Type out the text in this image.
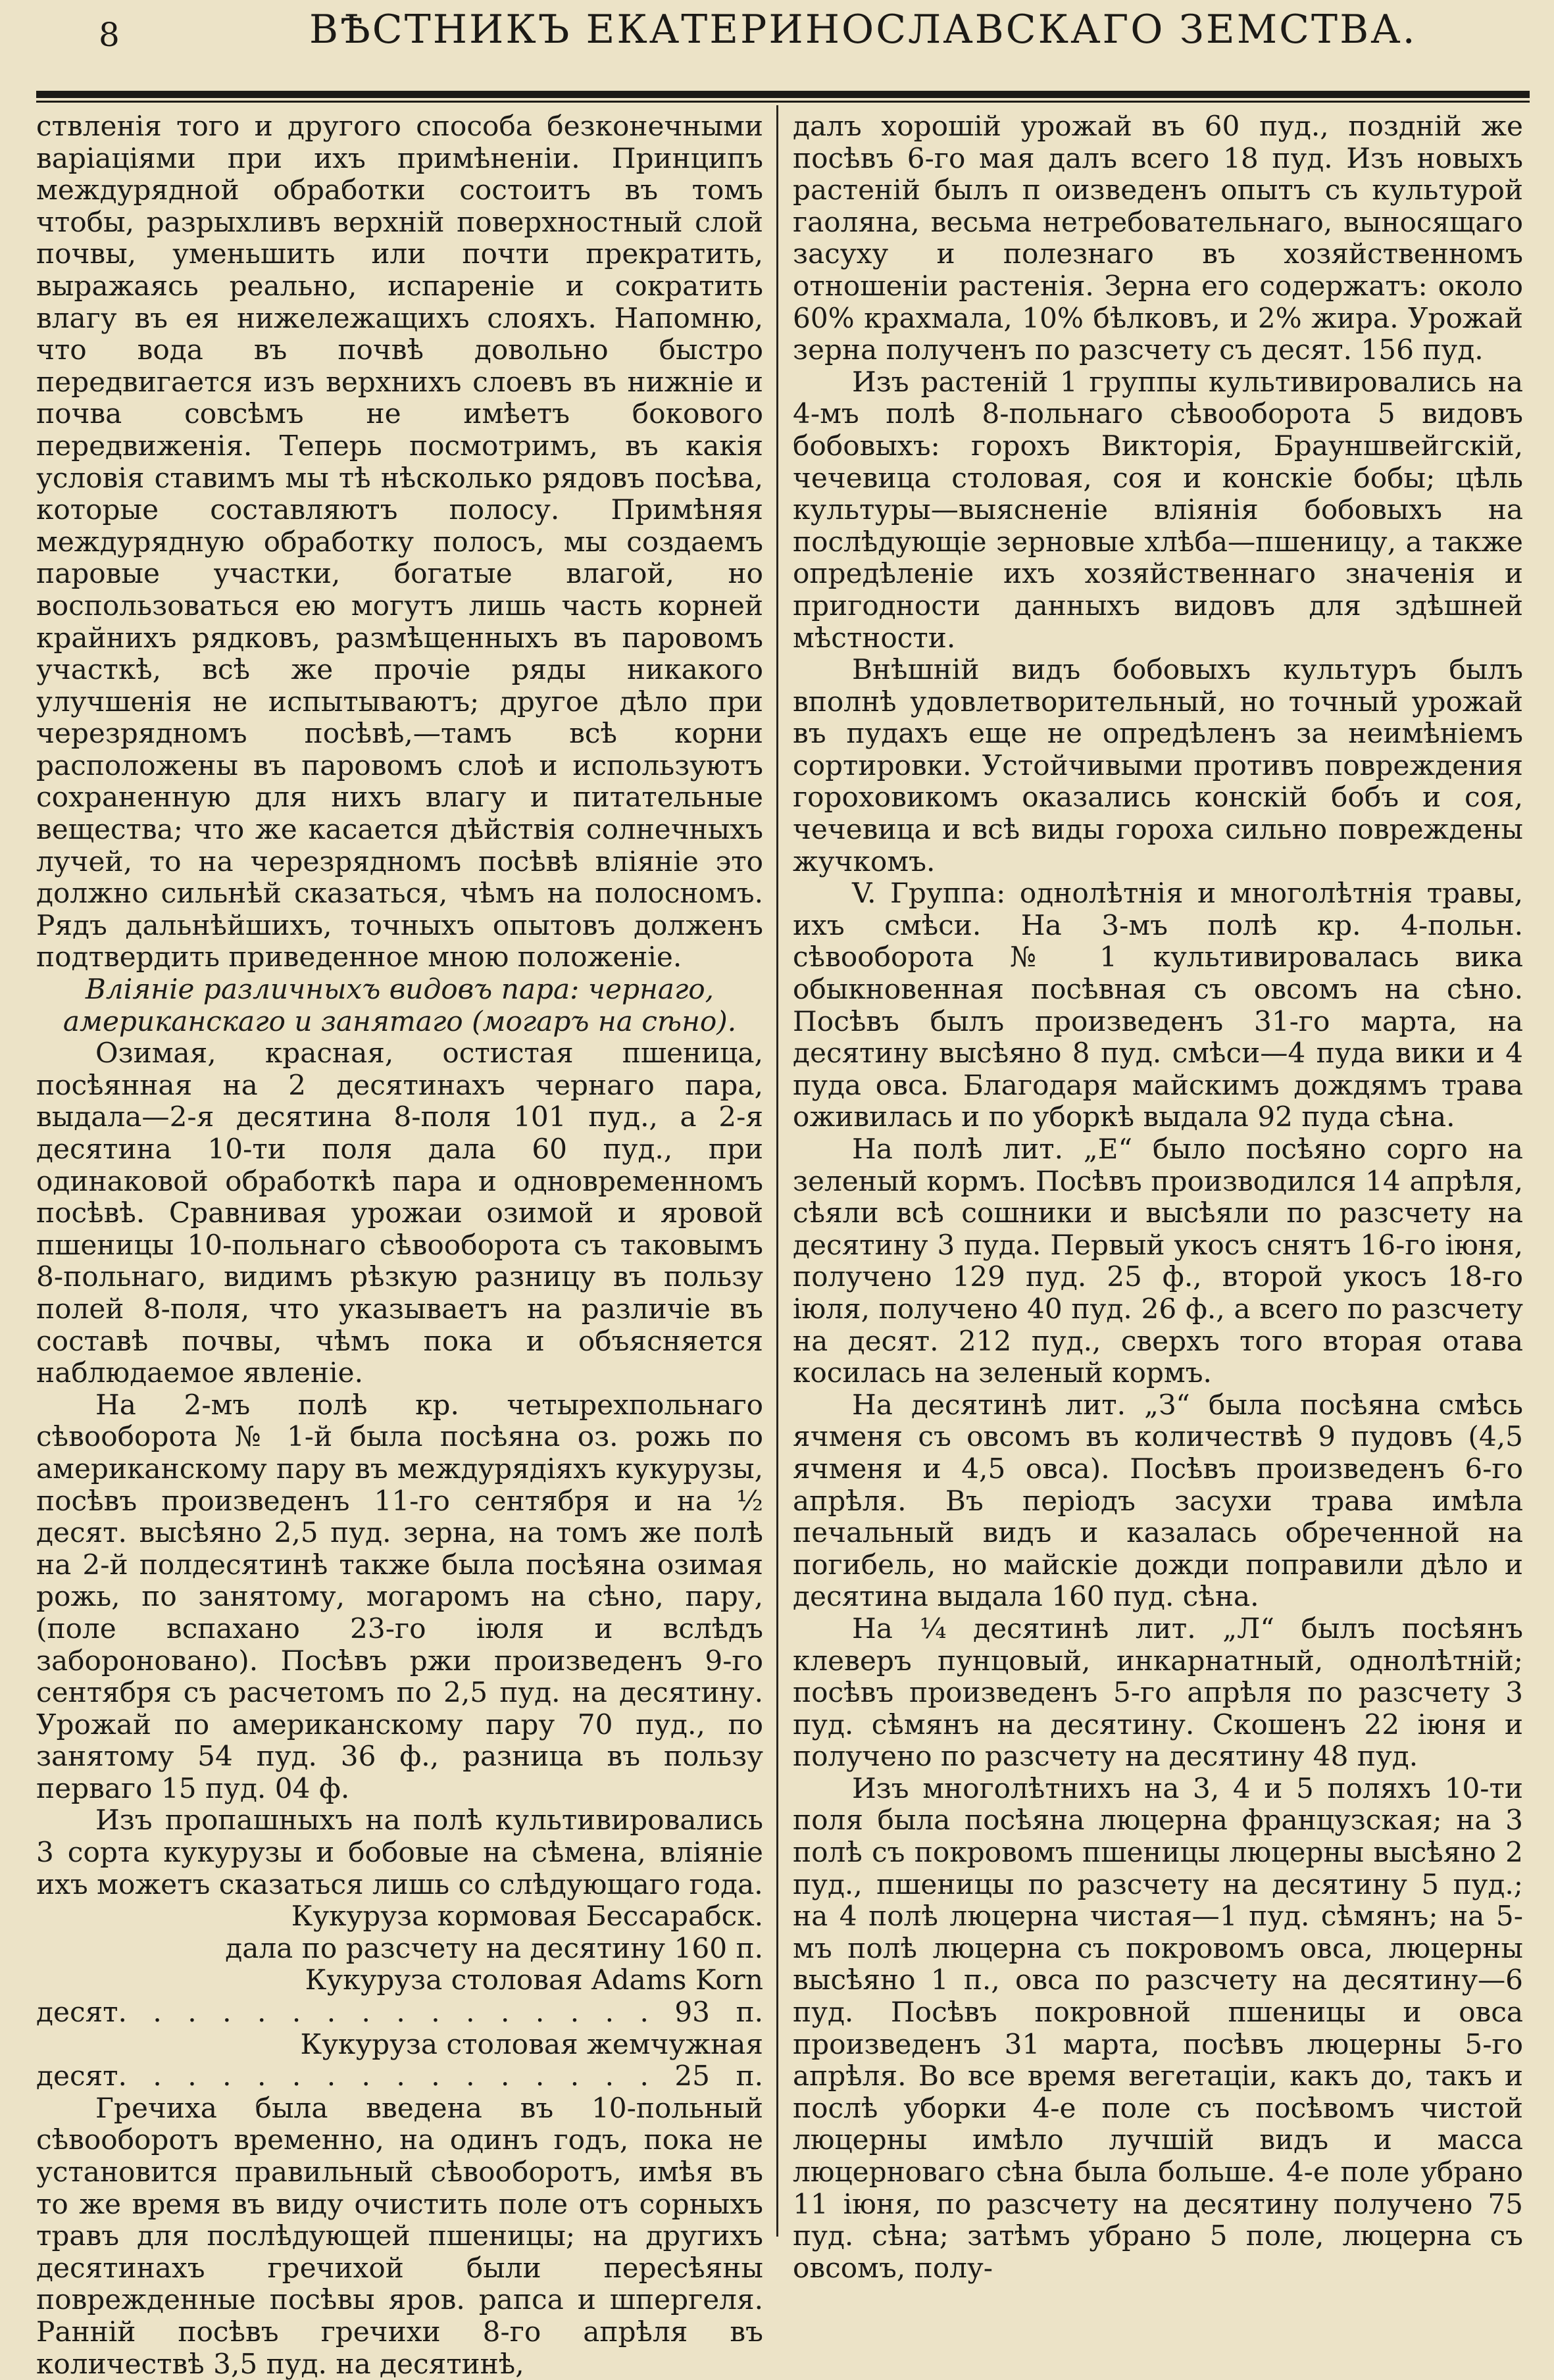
8	ВѢСТНИКЪ ЕКАТЕРИНОСЛАВСКАГО ЗЕМСТВА.

ствленія того и другого способа безконечными варіаціями при ихъ примѣненіи. Принципъ междурядной обработки состоитъ въ томъ чтобы, разрыхливъ верхній поверхностный слой почвы, уменьшить или почти прекратить, выражаясь реально, испареніе и сократить влагу въ ея нижележащихъ слояхъ. Напомню, что вода въ почвѣ довольно быстро передвигается изъ верхнихъ слоевъ въ нижніе и почва совсѣмъ не имѣетъ бокового передвиженія. Теперь посмотримъ, въ какія условія ставимъ мы тѣ нѣсколько рядовъ посѣва, которые составляютъ полосу. Примѣняя междурядную обработку полосъ, мы создаемъ паровые участки, богатые влагой, но воспользоваться ею могутъ лишь часть корней крайнихъ рядковъ, размѣщенныхъ въ паровомъ участкѣ, всѣ же прочіе ряды никакого улучшенія не испытываютъ; другое дѣло при черезрядномъ посѣвѣ,—тамъ всѣ корни расположены въ паровомъ слоѣ и используютъ сохраненную для нихъ влагу и питательные вещества; что же касается дѣйствія солнечныхъ лучей, то на черезрядномъ посѣвѣ вліяніе это должно сильнѣй сказаться, чѣмъ на полосномъ. Рядъ дальнѣйшихъ, точныхъ опытовъ долженъ подтвердить приведенное мною положеніе.

Вліяніе различныхъ видовъ пара: чернаго, американскаго и занятаго (могаръ на сѣно).

Озимая, красная, остистая пшеница, посѣянная на 2 десятинахъ чернаго пара, выдала—2-я десятина 8-поля 101 пуд., а 2-я десятина 10-ти поля дала 60 пуд., при одинаковой обработкѣ пара и одновременномъ посѣвѣ. Сравнивая урожаи озимой и яровой пшеницы 10-польнаго сѣвооборота съ таковымъ 8-польнаго, видимъ рѣзкую разницу въ пользу полей 8-поля, что указываетъ на различіе въ составѣ почвы, чѣмъ пока и объясняется наблюдаемое явленіе.

На 2-мъ полѣ кр. четырехпольнаго сѣвооборота № 1-й была посѣяна оз. рожь по американскому пару въ междурядіяхъ кукурузы, посѣвъ произведенъ 11-го сентября и на ½ десят. высѣяно 2,5 пуд. зерна, на томъ же полѣ на 2-й полдесятинѣ также была посѣяна озимая рожь, по занятому, могаромъ на сѣно, пару, (поле вспахано 23-го іюля и вслѣдъ забороновано). Посѣвъ ржи произведенъ 9-го сентября съ расчетомъ по 2,5 пуд. на десятину. Урожай по американскому пару 70 пуд., по занятому 54 пуд. 36 ф., разница въ пользу перваго 15 пуд. 04 ф.

Изъ пропашныхъ на полѣ культивировались 3 сорта кукурузы и бобовые на сѣмена, вліяніе ихъ можетъ сказаться лишь со слѣдующаго года.

Кукуруза кормовая Бессарабск.

дала по разсчету на десятину 160 п.

Кукуруза столовая Adams Korn

десят. . . . . . . . . . . . . . . . 93 п.

Кукуруза столовая жемчужная

десят. . . . . . . . . . . . . . . . 25 п.

Гречиха была введена въ 10-польный сѣвооборотъ временно, на одинъ годъ, пока не установится правильный сѣвооборотъ, имѣя въ то же время въ виду очистить поле отъ сорныхъ травъ для послѣдующей пшеницы; на другихъ десятинахъ гречихой были пересѣяны поврежденные посѣвы яров. рапса и шпергеля. Ранній посѣвъ гречихи 8-го апрѣля въ количествѣ 3,5 пуд. на десятинѣ,

далъ хорошій урожай въ 60 пуд., поздній же посѣвъ 6-го мая далъ всего 18 пуд. Изъ новыхъ растеній былъ п оизведенъ опытъ съ культурой гаоляна, весьма нетребовательнаго, выносящаго засуху и полезнаго въ хозяйственномъ отношеніи растенія. Зерна его содержатъ: около 60% крахмала, 10% бѣлковъ, и 2% жира. Урожай зерна полученъ по разсчету съ десят. 156 пуд.

Изъ растеній 1 группы культивировались на 4-мъ полѣ 8-польнаго сѣвооборота 5 видовъ бобовыхъ: горохъ Викторія, Брауншвейгскій, чечевица столовая, соя и конскіе бобы; цѣль культуры—выясненіе вліянія бобовыхъ на послѣдующіе зерновые хлѣба—пшеницу, а также опредѣленіе ихъ хозяйственнаго значенія и пригодности данныхъ видовъ для здѣшней мѣстности.

Внѣшній видъ бобовыхъ культуръ былъ вполнѣ удовлетворительный, но точный урожай въ пудахъ еще не опредѣленъ за неимѣніемъ сортировки. Устойчивыми противъ повреждения гороховикомъ оказались конскій бобъ и соя, чечевица и всѣ виды гороха сильно повреждены жучкомъ.

V. Группа: однолѣтнія и многолѣтнія травы, ихъ смѣси. На 3-мъ полѣ кр. 4-польн. сѣвооборота № 1 культивировалась вика обыкновенная посѣвная съ овсомъ на сѣно. Посѣвъ былъ произведенъ 31-го марта, на десятину высѣяно 8 пуд. смѣси—4 пуда вики и 4 пуда овса. Благодаря майскимъ дождямъ трава оживилась и по уборкѣ выдала 92 пуда сѣна.

На полѣ лит. „Е“ было посѣяно сорго на зеленый кормъ. Посѣвъ производился 14 апрѣля, сѣяли всѣ сошники и высѣяли по разсчету на десятину 3 пуда. Первый укосъ снятъ 16-го іюня, получено 129 пуд. 25 ф., второй укосъ 18-го іюля, получено 40 пуд. 26 ф., а всего по разсчету на десят. 212 пуд., сверхъ того вторая отава косилась на зеленый кормъ.

На десятинѣ лит. „З“ была посѣяна смѣсь ячменя съ овсомъ въ количествѣ 9 пудовъ (4,5 ячменя и 4,5 овса). Посѣвъ произведенъ 6-го апрѣля. Въ періодъ засухи трава имѣла печальный видъ и казалась обреченной на погибель, но майскіе дожди поправили дѣло и десятина выдала 160 пуд. сѣна.

На ¼ десятинѣ лит. „Л“ былъ посѣянъ клеверъ пунцовый, инкарнатный, однолѣтній; посѣвъ произведенъ 5-го апрѣля по разсчету 3 пуд. сѣмянъ на десятину. Скошенъ 22 іюня и получено по разсчету на десятину 48 пуд.

Изъ многолѣтнихъ на 3, 4 и 5 поляхъ 10-ти поля была посѣяна люцерна французская; на 3 полѣ съ покровомъ пшеницы люцерны высѣяно 2 пуд., пшеницы по разсчету на десятину 5 пуд.; на 4 полѣ люцерна чистая—1 пуд. сѣмянъ; на 5-мъ полѣ люцерна съ покровомъ овса, люцерны высѣяно 1 п., овса по разсчету на десятину—6 пуд. Посѣвъ покровной пшеницы и овса произведенъ 31 марта, посѣвъ люцерны 5-го апрѣля. Во все время вегетаціи, какъ до, такъ и послѣ уборки 4-е поле съ посѣвомъ чистой люцерны имѣло лучшій видъ и масса люцерноваго сѣна была больше. 4-е поле убрано 11 іюня, по разсчету на десятину получено 75 пуд. сѣна; затѣмъ убрано 5 поле, люцерна съ овсомъ, полу-
